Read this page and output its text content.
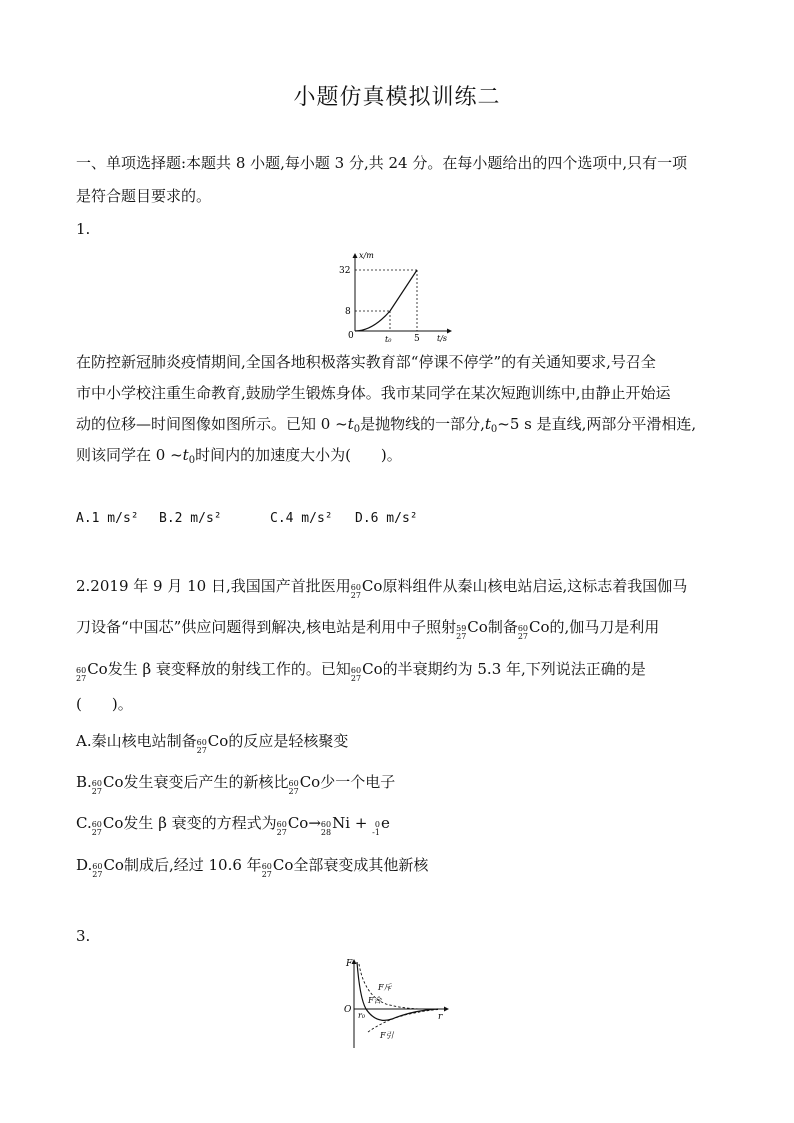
小题仿真模拟训练二
一、单项选择题:本题共 8 小题,每小题 3 分,共 24 分。在每小题给出的四个选项中,只有一项
是符合题目要求的。
1.
x/m
t/s
0
32
8
t₀	5
在防控新冠肺炎疫情期间,全国各地积极落实教育部“停课不停学”的有关通知要求,号召全
市中小学校注重生命教育,鼓励学生锻炼身体。我市某同学在某次短跑训练中,由静止开始运
动的位移—时间图像如图所示。已知 0 $\sim t_0$是抛物线的一部分$,t_0\sim 5$ s 是直线,两部分平滑相连,
则该同学在 0 $\sim t_0$时间内的加速度大小为(　　)。
A.1 m/s² B.2 m/s²	C.4 m/s² D.6 m/s²
2.2019 年 9 月 10 日,我国国产首批医用 60
27
Co 原料组件从秦山核电站启运,这标志着我国伽马
刀设备“中国芯”供应问题得到解决,核电站是利用中子照射 59
27
Co 制备 60
27
Co 的,伽马刀是利用
60
27
Co 发生 β 衰变释放的射线工作的。已知 60
27
Co 的半衰期约为 5.3 年,下列说法正确的是
(　　)。
A.秦山核电站制备 60
27
Co 的反应是轻核聚变
B. 60
27
Co 发生衰变后产生的新核比 60
27
Co 少一个电子
C. 60
27
Co 发生 β 衰变的方程式为 60
27
Co → 60
28
Ni + 0
-1
e
D. 60
27
Co 制成后,经过 10.6 年 60
27
Co 全部衰变成其他新核
3.
F
r
O
F斥
F合
F引
r₀
